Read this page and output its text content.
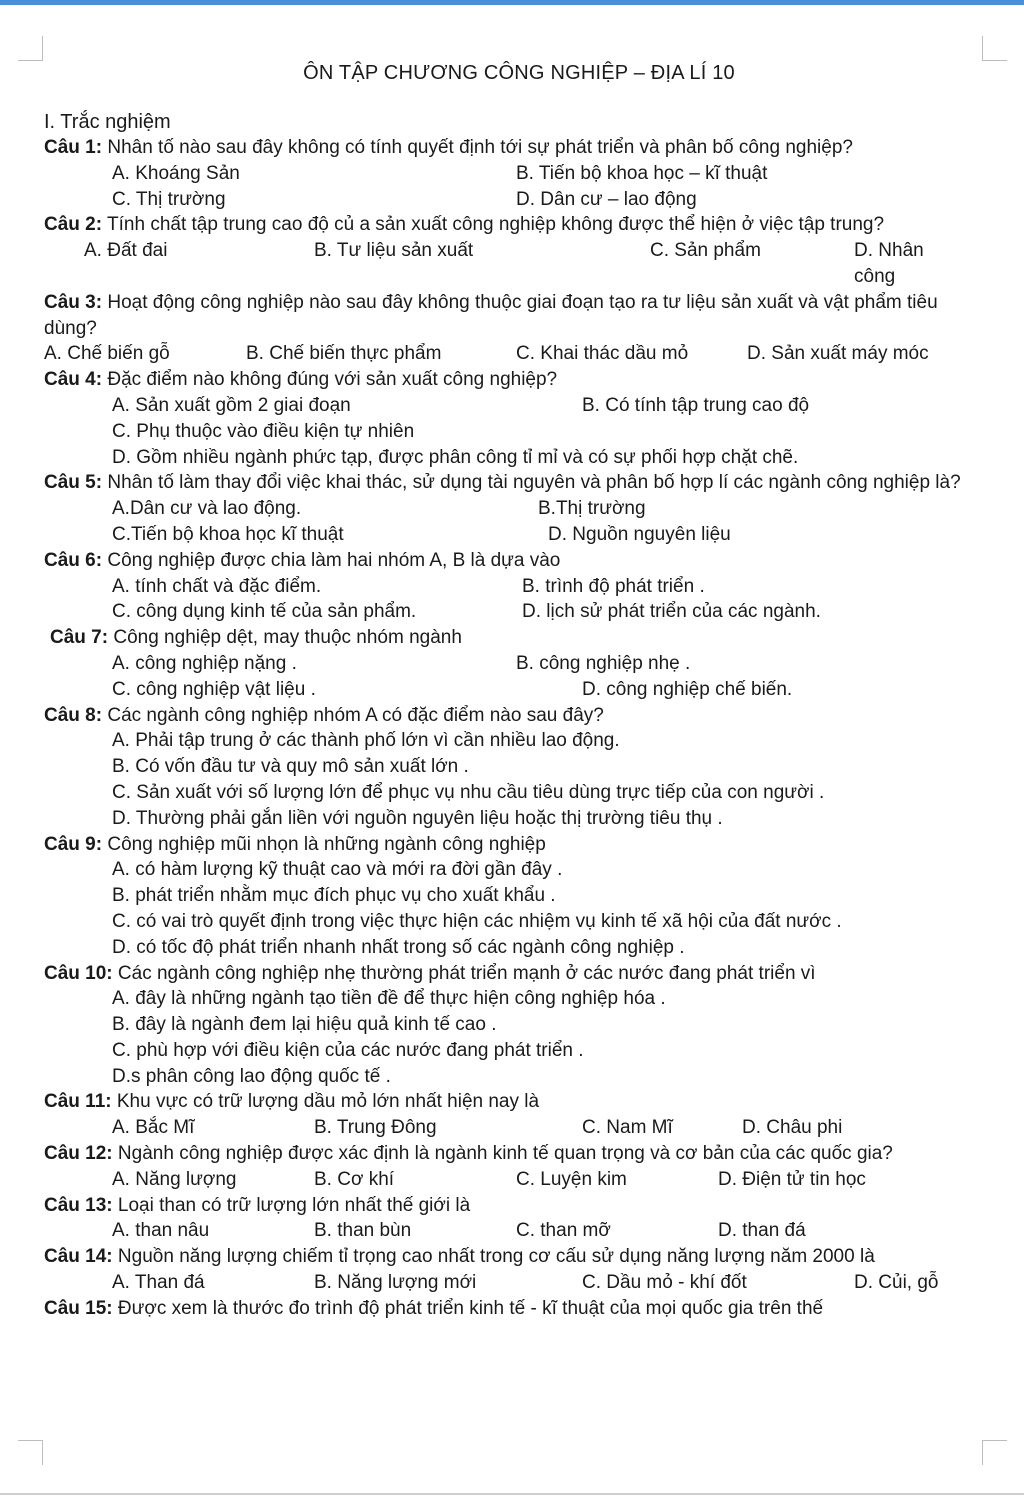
ÔN TẬP CHƯƠNG CÔNG NGHIỆP – ĐỊA LÍ 10
I. Trắc nghiệm
Câu 1: Nhân tố nào sau đây không có tính quyết định tới sự phát triển và phân bố công nghiệp?
A. Khoáng Sản	B. Tiến bộ khoa học – kĩ thuật
C. Thị trường	D. Dân cư – lao động
Câu 2: Tính chất tập trung cao độ củ a sản xuất công nghiệp không được thể hiện ở việc tập trung?
A. Đất đai	B. Tư liệu sản xuất	C. Sản phẩm	D. Nhân công
Câu 3: Hoạt động công nghiệp nào sau đây không thuộc giai đoạn tạo ra tư liệu sản xuất và vật phẩm tiêu dùng?
A. Chế biến gỗ	B. Chế biến thực phẩm	C. Khai thác dầu mỏ	D. Sản xuất máy móc
Câu 4: Đặc điểm nào không đúng với sản xuất công nghiệp?
A. Sản xuất gồm 2 giai đoạn	B. Có tính tập trung cao độ
C. Phụ thuộc vào điều kiện tự nhiên
D. Gồm nhiều ngành phức tạp, được phân công tỉ mỉ và có sự phối hợp chặt chẽ.
Câu 5: Nhân tố làm thay đổi việc khai thác, sử dụng tài nguyên và phân bố hợp lí các ngành công nghiệp là?
A.Dân cư và lao động.	B.Thị trường
C.Tiến bộ khoa học kĩ thuật	D. Nguồn nguyên liệu
Câu 6: Công nghiệp được chia làm hai nhóm A, B là dựa vào
A. tính chất và đặc điểm.	B. trình độ phát triển .
C. công dụng kinh tế của sản phẩm.	D. lịch sử phát triển của các ngành.
Câu 7: Công nghiệp dệt, may thuộc nhóm ngành
A. công nghiệp nặng .	B. công nghiệp nhẹ .
C. công nghiệp vật liệu .	D. công nghiệp chế biến.
Câu 8: Các ngành công nghiệp nhóm A có đặc điểm nào sau đây?
A. Phải tập trung ở các thành phố lớn vì cần nhiều lao động.
B. Có vốn đầu tư và quy mô sản xuất lớn .
C. Sản xuất với số lượng lớn để phục vụ nhu cầu tiêu dùng trực tiếp của con người .
D. Thường phải gắn liền với nguồn nguyên liệu hoặc thị trường tiêu thụ .
Câu 9: Công nghiệp mũi nhọn là những ngành công nghiệp
A. có hàm lượng kỹ thuật cao và mới ra đời gần đây .
B. phát triển nhằm mục đích phục vụ cho xuất khẩu .
C. có vai trò quyết định trong việc thực hiện các nhiệm vụ kinh tế xã hội của đất nước .
D. có tốc độ phát triển nhanh nhất trong số các ngành công nghiệp .
Câu 10: Các ngành công nghiệp nhẹ thường phát triển mạnh ở các nước đang phát triển vì
A. đây là những ngành tạo tiền đề để thực hiện công nghiệp hóa .
B. đây là ngành đem lại hiệu quả kinh tế cao .
C. phù hợp với điều kiện của các nước đang phát triển .
D.s phân công lao động quốc tế .
Câu 11: Khu vực có trữ lượng dầu mỏ lớn nhất hiện nay là
A. Bắc Mĩ	B. Trung Đông	C. Nam Mĩ	D. Châu phi
Câu 12: Ngành công nghiệp được xác định là ngành kinh tế quan trọng và cơ bản của các quốc gia?
A. Năng lượng	B. Cơ khí	C. Luyện kim	D. Điện tử tin học
Câu 13: Loại than có trữ lượng lớn nhất thế giới là
A. than nâu	B. than bùn	C. than mỡ	D. than đá
Câu 14: Nguồn năng lượng chiếm tỉ trọng cao nhất trong cơ cấu sử dụng năng lượng năm 2000 là
A. Than đá	B. Năng lượng mới	C. Dầu mỏ - khí đốt	D. Củi, gỗ
Câu 15: Được xem là thước đo trình độ phát triển kinh tế - kĩ thuật của mọi quốc gia trên thế
